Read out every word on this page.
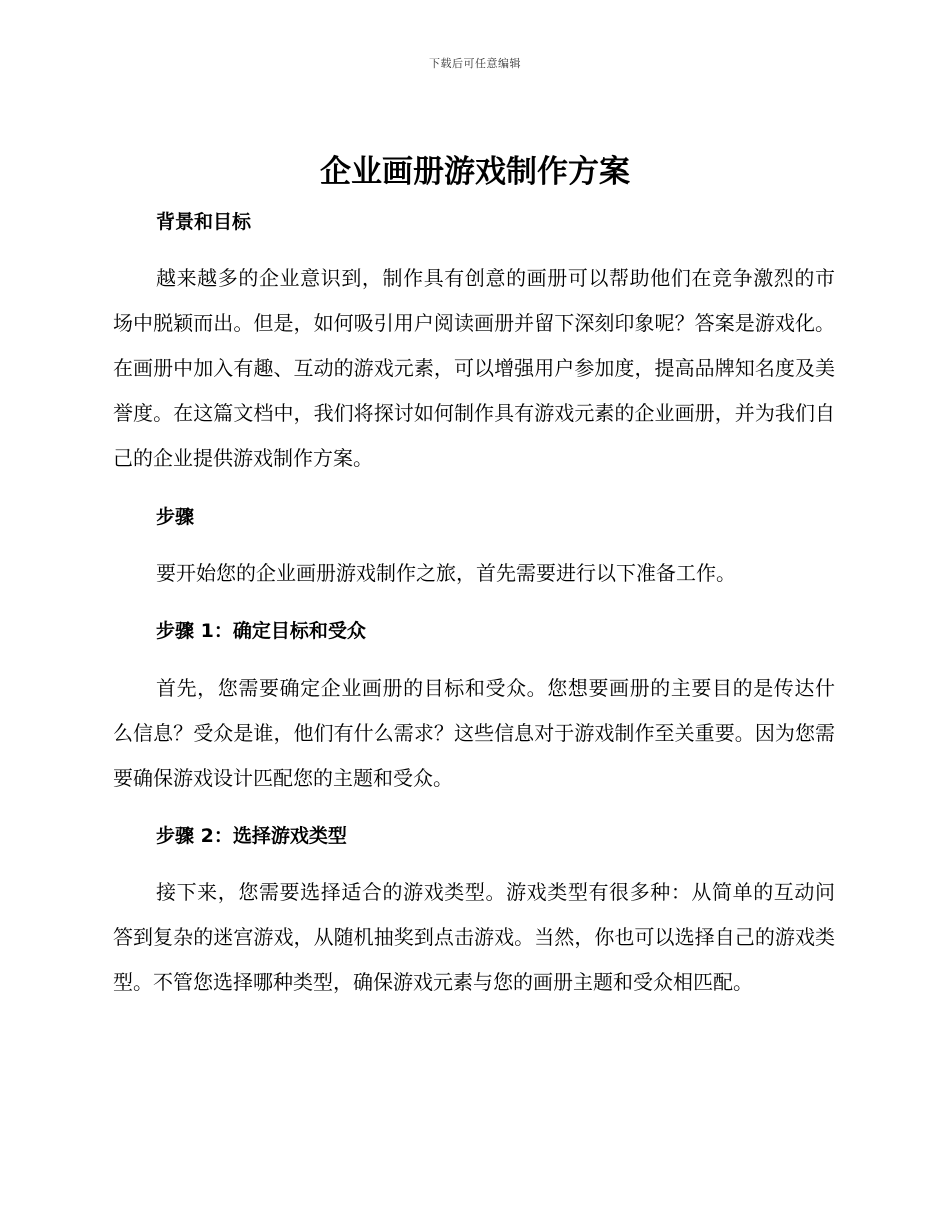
下载后可任意编辑
企业画册游戏制作方案
背景和目标

越来越多的企业意识到，制作具有创意的画册可以帮助他们在竞争激烈的市场中脱颖而出。但是，如何吸引用户阅读画册并留下深刻印象呢？答案是游戏化。在画册中加入有趣、互动的游戏元素，可以增强用户参加度，提高品牌知名度及美誉度。在这篇文档中，我们将探讨如何制作具有游戏元素的企业画册，并为我们自己的企业提供游戏制作方案。

步骤

要开始您的企业画册游戏制作之旅，首先需要进行以下准备工作。

步骤 1：确定目标和受众

首先，您需要确定企业画册的目标和受众。您想要画册的主要目的是传达什么信息？受众是谁，他们有什么需求？这些信息对于游戏制作至关重要。因为您需要确保游戏设计匹配您的主题和受众。

步骤 2：选择游戏类型

接下来，您需要选择适合的游戏类型。游戏类型有很多种：从简单的互动问答到复杂的迷宫游戏，从随机抽奖到点击游戏。当然，你也可以选择自己的游戏类型。不管您选择哪种类型，确保游戏元素与您的画册主题和受众相匹配。
